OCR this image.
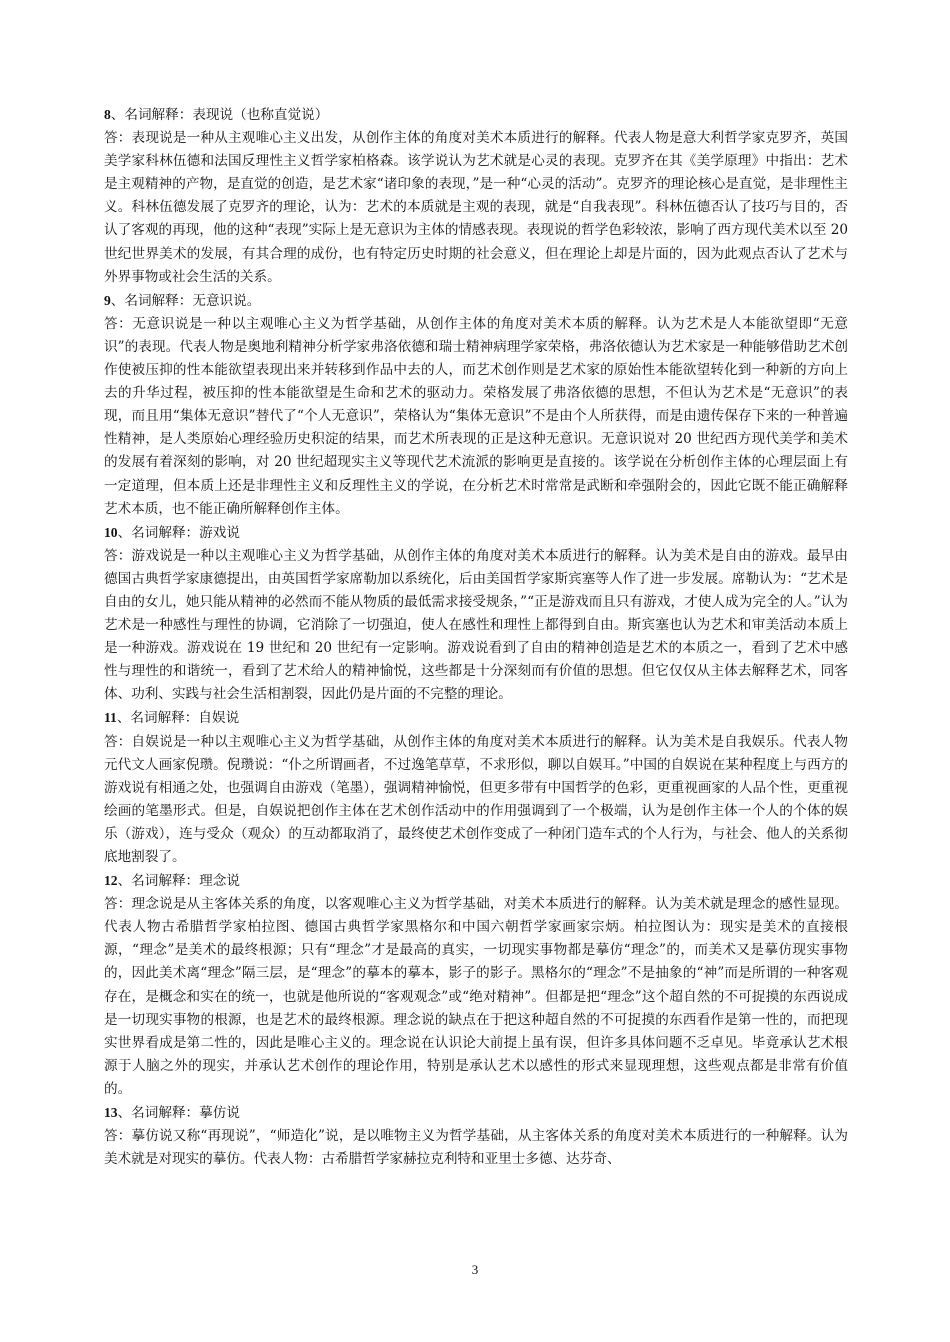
8、名词解释：表现说（也称直觉说）

答：表现说是一种从主观唯心主义出发，从创作主体的角度对美术本质进行的解释。代表人物是意大利哲学家克罗齐，英国美学家科林伍德和法国反理性主义哲学家柏格森。该学说认为艺术就是心灵的表现。克罗齐在其《美学原理》中指出：艺术是主观精神的产物，是直觉的创造，是艺术家“诸印象的表现，”是一种“心灵的活动”。克罗齐的理论核心是直觉，是非理性主义。科林伍德发展了克罗齐的理论，认为：艺术的本质就是主观的表现，就是“自我表现”。科林伍德否认了技巧与目的，否认了客观的再现，他的这种“表现”实际上是无意识为主体的情感表现。表现说的哲学色彩较浓，影响了西方现代美术以至 20 世纪世界美术的发展，有其合理的成份，也有特定历史时期的社会意义，但在理论上却是片面的，因为此观点否认了艺术与外界事物或社会生活的关系。

9、名词解释：无意识说。

答：无意识说是一种以主观唯心主义为哲学基础，从创作主体的角度对美术本质的解释。认为艺术是人本能欲望即“无意识”的表现。代表人物是奥地利精神分析学家弗洛依德和瑞士精神病理学家荣格，弗洛依德认为艺术家是一种能够借助艺术创作使被压抑的性本能欲望表现出来并转移到作品中去的人，而艺术创作则是艺术家的原始性本能欲望转化到一种新的方向上去的升华过程，被压抑的性本能欲望是生命和艺术的驱动力。荣格发展了弗洛依德的思想，不但认为艺术是“无意识”的表现，而且用“集体无意识”替代了“个人无意识”，荣格认为“集体无意识”不是由个人所获得，而是由遗传保存下来的一种普遍性精神，是人类原始心理经验历史积淀的结果，而艺术所表现的正是这种无意识。无意识说对 20 世纪西方现代美学和美术的发展有着深刻的影响，对 20 世纪超现实主义等现代艺术流派的影响更是直接的。该学说在分析创作主体的心理层面上有一定道理，但本质上还是非理性主义和反理性主义的学说，在分析艺术时常常是武断和牵强附会的，因此它既不能正确解释艺术本质，也不能正确所解释创作主体。

10、名词解释：游戏说

答：游戏说是一种以主观唯心主义为哲学基础，从创作主体的角度对美术本质进行的解释。认为美术是自由的游戏。最早由德国古典哲学家康德提出，由英国哲学家席勒加以系统化，后由美国哲学家斯宾塞等人作了进一步发展。席勒认为：“艺术是自由的女儿，她只能从精神的必然而不能从物质的最低需求接受规条，”“正是游戏而且只有游戏，才使人成为完全的人。”认为艺术是一种感性与理性的协调，它消除了一切强迫，使人在感性和理性上都得到自由。斯宾塞也认为艺术和审美活动本质上是一种游戏。游戏说在 19 世纪和 20 世纪有一定影响。游戏说看到了自由的精神创造是艺术的本质之一，看到了艺术中感性与理性的和谐统一，看到了艺术给人的精神愉悦，这些都是十分深刻而有价值的思想。但它仅仅从主体去解释艺术，同客体、功利、实践与社会生活相割裂，因此仍是片面的不完整的理论。

11、名词解释：自娱说

答：自娱说是一种以主观唯心主义为哲学基础，从创作主体的角度对美术本质进行的解释。认为美术是自我娱乐。代表人物元代文人画家倪瓒。倪瓒说：“仆之所谓画者，不过逸笔草草，不求形似，聊以自娱耳。”中国的自娱说在某种程度上与西方的游戏说有相通之处，也强调自由游戏（笔墨），强调精神愉悦，但更多带有中国哲学的色彩，更重视画家的人品个性，更重视绘画的笔墨形式。但是，自娱说把创作主体在艺术创作活动中的作用强调到了一个极端，认为是创作主体一个人的个体的娱乐（游戏），连与受众（观众）的互动都取消了，最终使艺术创作变成了一种闭门造车式的个人行为，与社会、他人的关系彻底地割裂了。

12、名词解释：理念说

答：理念说是从主客体关系的角度，以客观唯心主义为哲学基础，对美术本质进行的解释。认为美术就是理念的感性显现。代表人物古希腊哲学家柏拉图、德国古典哲学家黑格尔和中国六朝哲学家画家宗炳。柏拉图认为：现实是美术的直接根源，“理念”是美术的最终根源；只有“理念”才是最高的真实，一切现实事物都是摹仿“理念”的，而美术又是摹仿现实事物的，因此美术离“理念”隔三层，是“理念”的摹本的摹本，影子的影子。黑格尔的“理念”不是抽象的“神”而是所谓的一种客观存在，是概念和实在的统一，也就是他所说的“客观观念”或“绝对精神”。但都是把“理念”这个超自然的不可捉摸的东西说成是一切现实事物的根源，也是艺术的最终根源。理念说的缺点在于把这种超自然的不可捉摸的东西看作是第一性的，而把现实世界看成是第二性的，因此是唯心主义的。理念说在认识论大前提上虽有误，但许多具体问题不乏卓见。毕竟承认艺术根源于人脑之外的现实，并承认艺术创作的理论作用，特别是承认艺术以感性的形式来显现理想，这些观点都是非常有价值的。

13、名词解释：摹仿说

答：摹仿说又称“再现说”，“师造化”说，是以唯物主义为哲学基础，从主客体关系的角度对美术本质进行的一种解释。认为美术就是对现实的摹仿。代表人物：古希腊哲学家赫拉克利特和亚里士多德、达芬奇、

3
